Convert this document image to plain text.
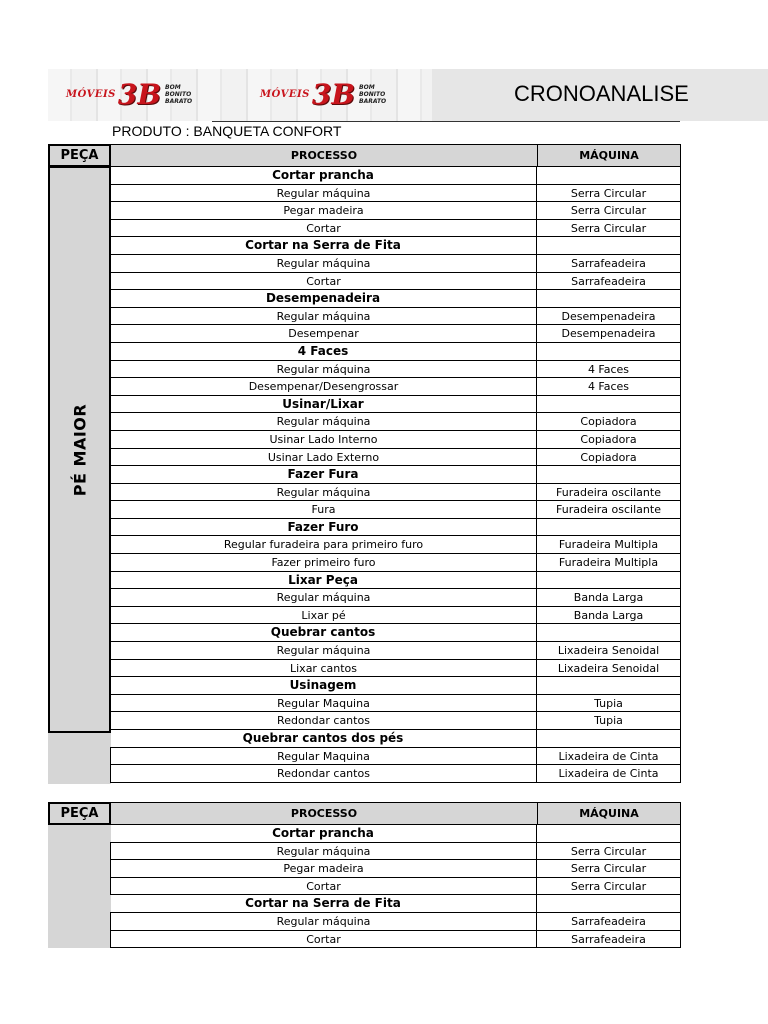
MÓVEIS 3B BOM
BONITO
BARATO
MÓVEIS 3B BOM
BONITO
BARATO	CRONOANALISE
PRODUTO : BANQUETA CONFORT
PÉ MAIOR
PEÇA	PROCESSO	MÁQUINA
Cortar prancha
Regular máquina	Serra Circular
Pegar madeira	Serra Circular
Cortar	Serra Circular
Cortar na Serra de Fita
Regular máquina	Sarrafeadeira
Cortar	Sarrafeadeira
Desempenadeira
Regular máquina	Desempenadeira
Desempenar	Desempenadeira
4 Faces
Regular máquina	4 Faces
Desempenar/Desengrossar	4 Faces
Usinar/Lixar
Regular máquina	Copiadora
Usinar Lado Interno	Copiadora
Usinar Lado Externo	Copiadora
Fazer Fura
Regular máquina	Furadeira oscilante
Fura	Furadeira oscilante
Fazer Furo
Regular furadeira para primeiro furo	Furadeira Multipla
Fazer primeiro furo	Furadeira Multipla
Lixar Peça
Regular máquina	Banda Larga
Lixar pé	Banda Larga
Quebrar cantos
Regular máquina	Lixadeira Senoidal
Lixar cantos	Lixadeira Senoidal
Usinagem
Regular Maquina	Tupia
Redondar cantos	Tupia
Quebrar cantos dos pés
Regular Maquina	Lixadeira de Cinta
Redondar cantos	Lixadeira de Cinta
PEÇA	PROCESSO	MÁQUINA
Cortar prancha
Regular máquina	Serra Circular
Pegar madeira	Serra Circular
Cortar	Serra Circular
Cortar na Serra de Fita
Regular máquina	Sarrafeadeira
Cortar	Sarrafeadeira
